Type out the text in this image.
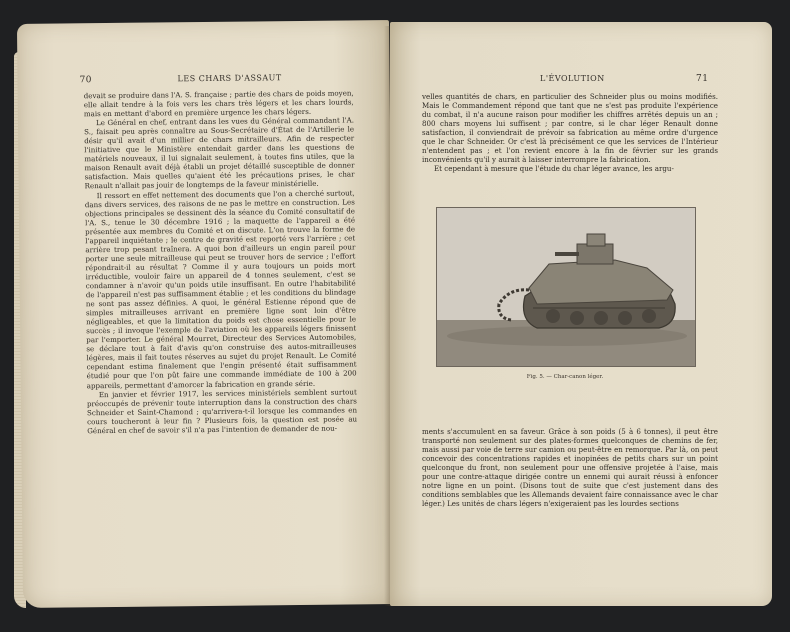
70	LES CHARS D'ASSAUT

devait se produire dans l'A. S. française ; partie des chars de poids moyen, elle allait tendre à la fois vers les chars très légers et les chars lourds, mais en mettant d'abord en première urgence les chars légers.

Le Général en chef, entrant dans les vues du Général commandant l'A. S., faisait peu après connaître au Sous-Secrétaire d'État de l'Artillerie le désir qu'il avait d'un millier de chars mitrailleurs. Afin de respecter l'initiative que le Ministère entendait garder dans les questions de matériels nouveaux, il lui signalait seulement, à toutes fins utiles, que la maison Renault avait déjà établi un projet détaillé susceptible de donner satisfaction. Mais quelles qu'aient été les précautions prises, le char Renault n'allait pas jouir de longtemps de la faveur ministérielle.

Il ressort en effet nettement des documents que l'on a cherché surtout, dans divers services, des raisons de ne pas le mettre en construction. Les objections principales se dessinent dès la séance du Comité consultatif de l'A. S., tenue le 30 décembre 1916 ; la maquette de l'appareil a été présentée aux membres du Comité et on discute. L'on trouve la forme de l'appareil inquiétante ; le centre de gravité est reporté vers l'arrière ; cet arrière trop pesant traînera. A quoi bon d'ailleurs un engin pareil pour porter une seule mitrailleuse qui peut se trouver hors de service ; l'effort répondrait-il au résultat ? Comme il y aura toujours un poids mort irréductible, vouloir faire un appareil de 4 tonnes seulement, c'est se condamner à n'avoir qu'un poids utile insuffisant. En outre l'habitabilité de l'appareil n'est pas suffisamment établie ; et les conditions du blindage ne sont pas assez définies. A quoi, le général Estienne répond que de simples mitrailleuses arrivant en première ligne sont loin d'être négligeables, et que la limitation du poids est chose essentielle pour le succès ; il invoque l'exemple de l'aviation où les appareils légers finissent par l'emporter. Le général Mourret, Directeur des Services Automobiles, se déclare tout à fait d'avis qu'on construise des autos-mitrailleuses légères, mais il fait toutes réserves au sujet du projet Renault. Le Comité cependant estima finalement que l'engin présenté était suffisamment étudié pour que l'on pût faire une commande immédiate de 100 à 200 appareils, permettant d'amorcer la fabrication en grande série.

En janvier et février 1917, les services ministériels semblent surtout préoccupés de prévenir toute interruption dans la construction des chars Schneider et Saint-Chamond ; qu'arrivera-t-il lorsque les commandes en cours toucheront à leur fin ? Plusieurs fois, la question est posée au Général en chef de savoir s'il n'a pas l'intention de demander de nou-

L'ÉVOLUTION	71

velles quantités de chars, en particulier des Schneider plus ou moins modifiés. Mais le Commandement répond que tant que ne s'est pas produite l'expérience du combat, il n'a aucune raison pour modifier les chiffres arrêtés depuis un an ; 800 chars moyens lui suffisent ; par contre, si le char léger Renault donne satisfaction, il conviendrait de prévoir sa fabrication au même ordre d'urgence que le char Schneider. Or c'est là précisément ce que les services de l'Intérieur n'entendent pas ; et l'on revient encore à la fin de février sur les grands inconvénients qu'il y aurait à laisser interrompre la fabrication.

Et cependant à mesure que l'étude du char léger avance, les argu-

Fig. 5. — Char-canon léger.

ments s'accumulent en sa faveur. Grâce à son poids (5 à 6 tonnes), il peut être transporté non seulement sur des plates-formes quelconques de chemins de fer, mais aussi par voie de terre sur camion ou peut-être en remorque. Par là, on peut concevoir des concentrations rapides et inopinées de petits chars sur un point quelconque du front, non seulement pour une offensive projetée à l'aise, mais pour une contre-attaque dirigée contre un ennemi qui aurait réussi à enfoncer notre ligne en un point. (Disons tout de suite que c'est justement dans des conditions semblables que les Allemands devaient faire connaissance avec le char léger.) Les unités de chars légers n'exigeraient pas les lourdes sections
